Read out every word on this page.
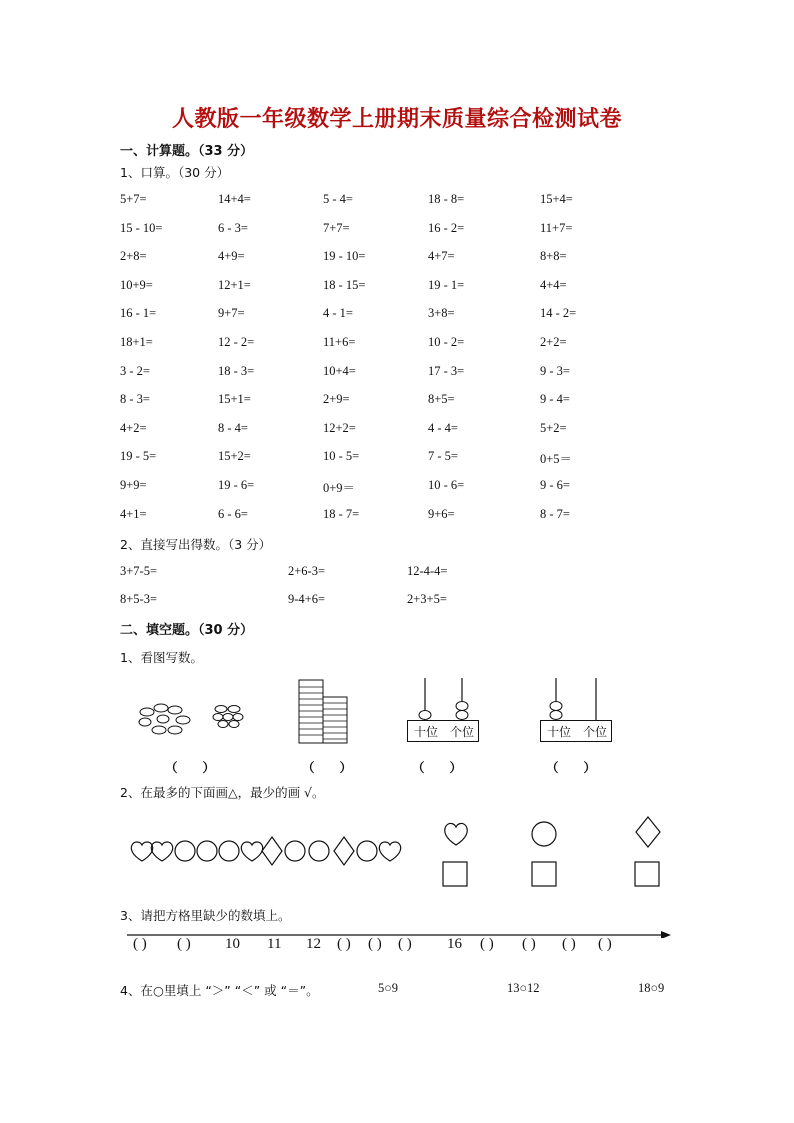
人教版一年级数学上册期末质量综合检测试卷
一、计算题。（33 分）
1、口算。（30 分）
5+7=	14+4=	5 - 4=	18 - 8=	15+4=
15 - 10=	6 - 3=	7+7=	16 - 2=	11+7=
2+8=	4+9=	19 - 10=	4+7=	8+8=
10+9=	12+1=	18 - 15=	19 - 1=	4+4=
16 - 1=	9+7=	4 - 1=	3+8=	14 - 2=
18+1=	12 - 2=	11+6=	10 - 2=	2+2=
3 - 2=	18 - 3=	10+4=	17 - 3=	9 - 3=
8 - 3=	15+1=	2+9=	8+5=	9 - 4=
4+2=	8 - 4=	12+2=	4 - 4=	5+2=
19 - 5=	15+2=	10 - 5=	7 - 5=	0+5＝
9+9=	19 - 6=	0+9＝	10 - 6=	9 - 6=
4+1=	6 - 6=	18 - 7=	9+6=	8 - 7=
2、直接写出得数。（3 分）
3+7-5=	2+6-3=	12-4-4=
8+5-3=	9-4+6=	2+3+5=
二、填空题。（30 分）
1、看图写数。
十位 个位	十位 个位
（　　）	（　　）	（　　）	（　　）
2、在最多的下面画△，最少的画 √。
3、请把方格里缺少的数填上。
( ) ( ) 10 11 12 ( ) ( ) ( ) 16 ( ) ( ) ( ) ( )
4、在○里填上 “＞” “＜” 或 “＝”。	5○9	13○12	18○9
